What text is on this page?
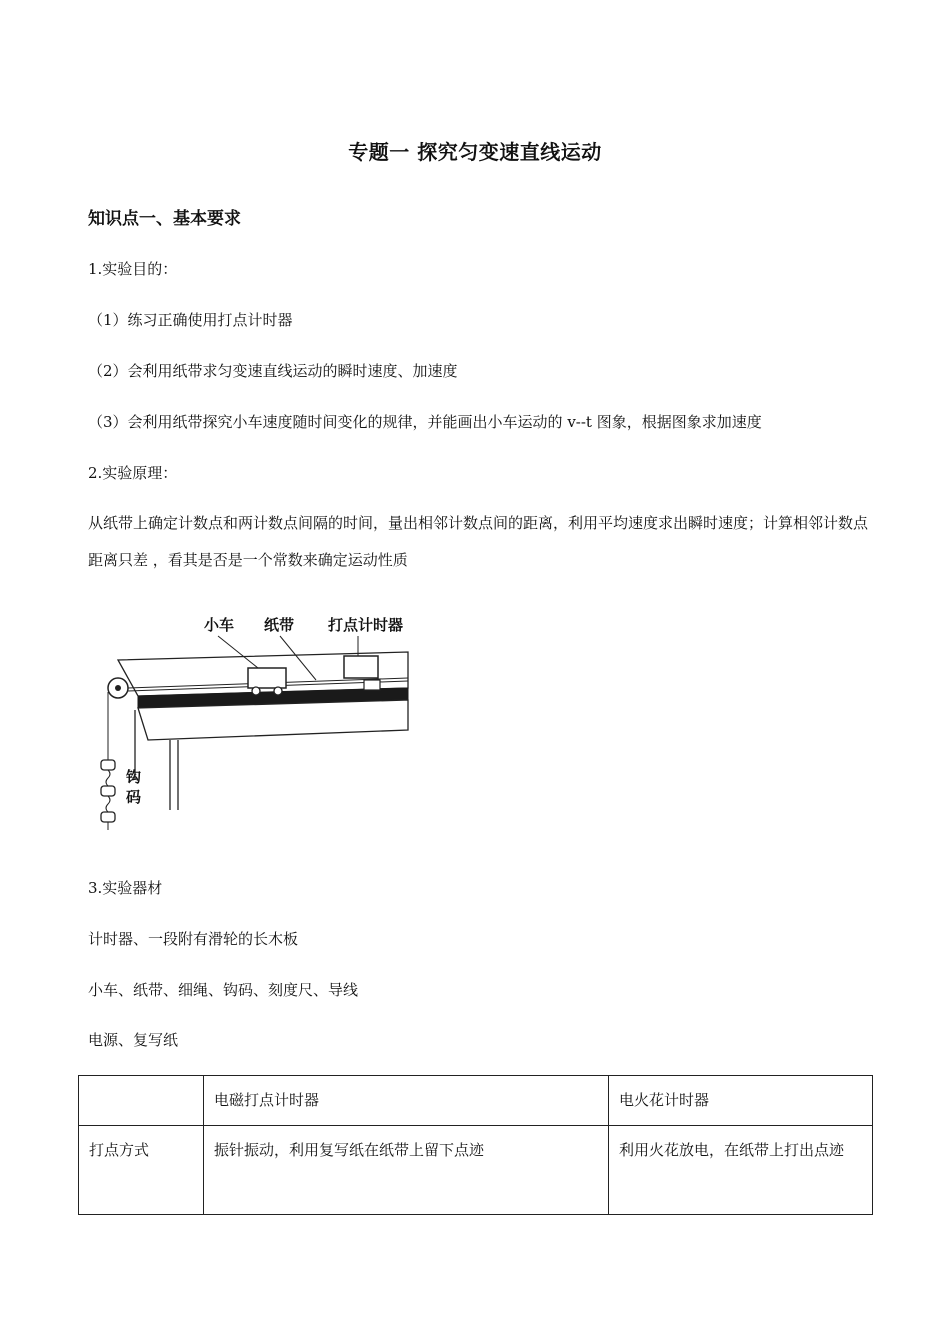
专题一 探究匀变速直线运动
知识点一、基本要求
1.实验目的：
（1）练习正确使用打点计时器
（2）会利用纸带求匀变速直线运动的瞬时速度、加速度
（3）会利用纸带探究小车速度随时间变化的规律，并能画出小车运动的 v--t 图象，根据图象求加速度
2.实验原理：
从纸带上确定计数点和两计数点间隔的时间，量出相邻计数点间的距离，利用平均速度求出瞬时速度；计算相邻计数点距离只差 ，看其是否是一个常数来确定运动性质
小车 纸带 打点计时器
钩
码
3.实验器材
计时器、一段附有滑轮的长木板
小车、纸带、细绳、钩码、刻度尺、导线
电源、复写纸
	电磁打点计时器	电火花计时器
打点方式	振针振动，利用复写纸在纸带上留下点迹	利用火花放电，在纸带上打出点迹
